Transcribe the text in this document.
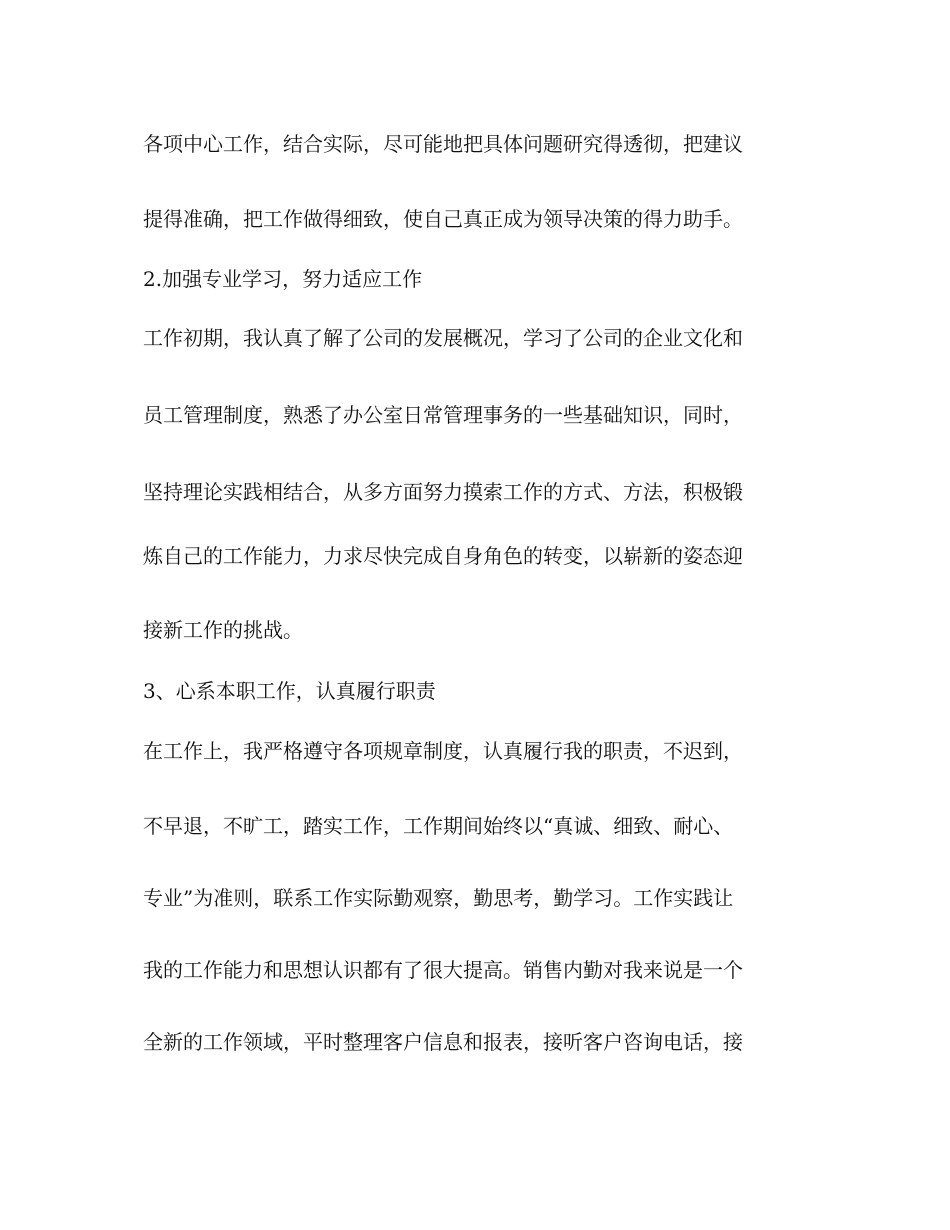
各项中心工作，结合实际，尽可能地把具体问题研究得透彻，把建议
提得准确，把工作做得细致，使自己真正成为领导决策的得力助手。
2.加强专业学习，努力适应工作
工作初期，我认真了解了公司的发展概况，学习了公司的企业文化和
员工管理制度，熟悉了办公室日常管理事务的一些基础知识，同时，
坚持理论实践相结合，从多方面努力摸索工作的方式、方法，积极锻
炼自己的工作能力，力求尽快完成自身角色的转变，以崭新的姿态迎
接新工作的挑战。
3、心系本职工作，认真履行职责
在工作上，我严格遵守各项规章制度，认真履行我的职责，不迟到，
不早退，不旷工，踏实工作，工作期间始终以“真诚、细致、耐心、
专业”为准则，联系工作实际勤观察，勤思考，勤学习。工作实践让
我的工作能力和思想认识都有了很大提高。销售内勤对我来说是一个
全新的工作领域，平时整理客户信息和报表，接听客户咨询电话，接
